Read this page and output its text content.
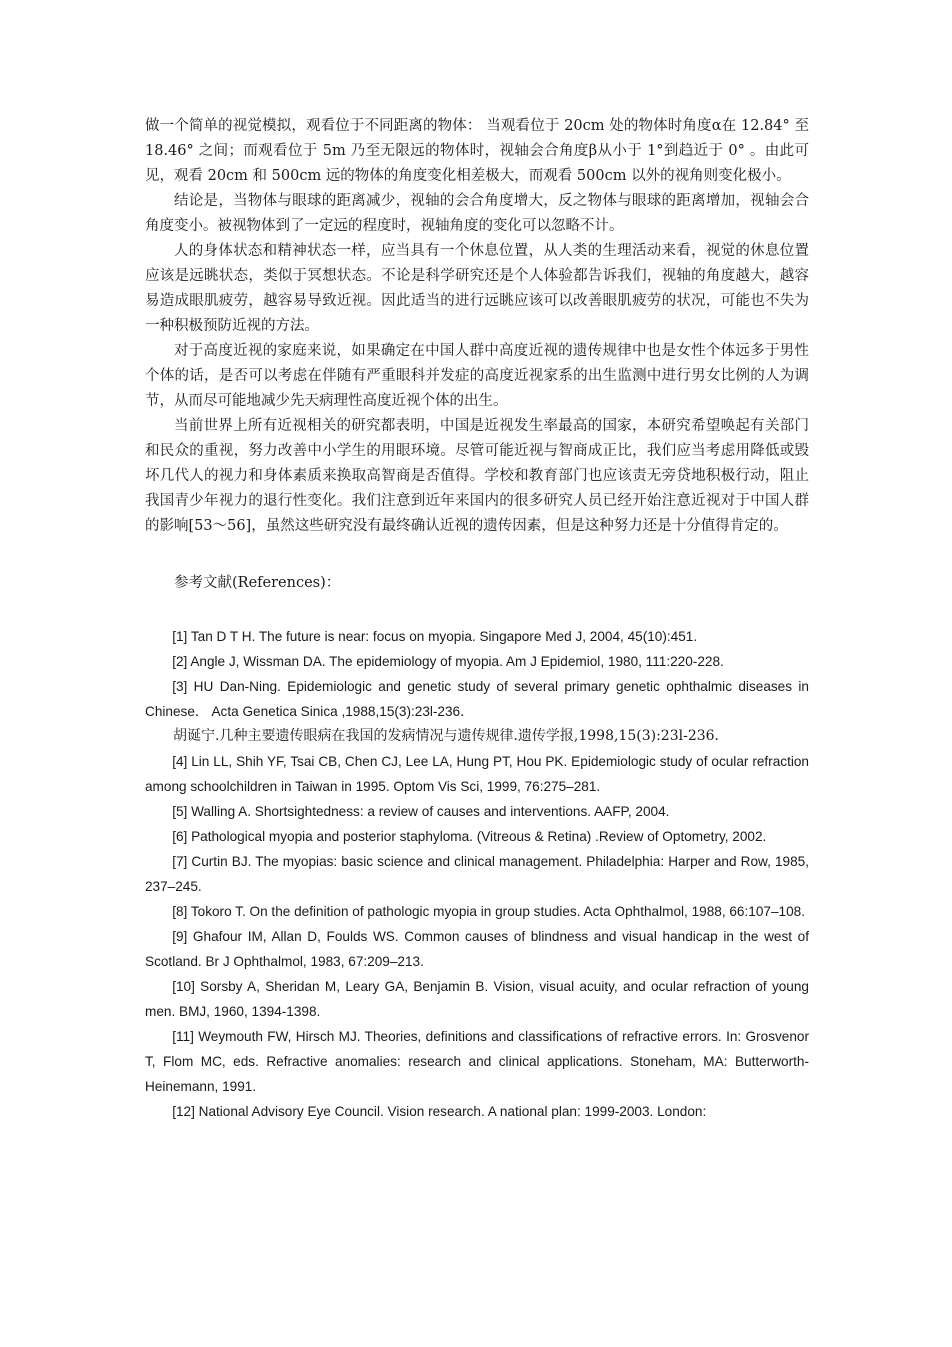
做一个简单的视觉模拟，观看位于不同距离的物体： 当观看位于 20cm 处的物体时角度α在 12.84° 至 18.46° 之间；而观看位于 5m 乃至无限远的物体时，视轴会合角度β从小于 1°到趋近于 0° 。由此可见，观看 20cm 和 500cm 远的物体的角度变化相差极大，而观看 500cm 以外的视角则变化极小。

结论是，当物体与眼球的距离减少，视轴的会合角度增大，反之物体与眼球的距离增加，视轴会合角度变小。被视物体到了一定远的程度时，视轴角度的变化可以忽略不计。

人的身体状态和精神状态一样，应当具有一个休息位置，从人类的生理活动来看，视觉的休息位置应该是远眺状态，类似于冥想状态。不论是科学研究还是个人体验都告诉我们，视轴的角度越大，越容易造成眼肌疲劳，越容易导致近视。因此适当的进行远眺应该可以改善眼肌疲劳的状况，可能也不失为一种积极预防近视的方法。

对于高度近视的家庭来说，如果确定在中国人群中高度近视的遗传规律中也是女性个体远多于男性个体的话，是否可以考虑在伴随有严重眼科并发症的高度近视家系的出生监测中进行男女比例的人为调节，从而尽可能地减少先天病理性高度近视个体的出生。

当前世界上所有近视相关的研究都表明，中国是近视发生率最高的国家，本研究希望唤起有关部门和民众的重视，努力改善中小学生的用眼环境。尽管可能近视与智商成正比，我们应当考虑用降低或毁坏几代人的视力和身体素质来换取高智商是否值得。学校和教育部门也应该责无旁贷地积极行动，阻止我国青少年视力的退行性变化。我们注意到近年来国内的很多研究人员已经开始注意近视对于中国人群的影响[53～56]，虽然这些研究没有最终确认近视的遗传因素，但是这种努力还是十分值得肯定的。

参考文献(References)：

[1] Tan D T H. The future is near: focus on myopia. Singapore Med J, 2004, 45(10):451.

[2] Angle J, Wissman DA. The epidemiology of myopia. Am J Epidemiol, 1980, 111:220-228.

[3] HU Dan-Ning. Epidemiologic and genetic study of several primary genetic ophthalmic diseases in Chinese． Acta Genetica Sinica ,1988,15(3):23l-236．

胡诞宁.几种主要遗传眼病在我国的发病情况与遗传规律.遗传学报,1998,15(3):23l-236．

[4] Lin LL, Shih YF, Tsai CB, Chen CJ, Lee LA, Hung PT, Hou PK. Epidemiologic study of ocular refraction among schoolchildren in Taiwan in 1995. Optom Vis Sci, 1999, 76:275–281.

[5] Walling A. Shortsightedness: a review of causes and interventions. AAFP, 2004.

[6] Pathological myopia and posterior staphyloma. (Vitreous & Retina) .Review of Optometry, 2002.

[7] Curtin BJ. The myopias: basic science and clinical management. Philadelphia: Harper and Row, 1985, 237–245.

[8] Tokoro T. On the definition of pathologic myopia in group studies. Acta Ophthalmol, 1988, 66:107–108.

[9] Ghafour IM, Allan D, Foulds WS. Common causes of blindness and visual handicap in the west of Scotland. Br J Ophthalmol, 1983, 67:209–213.

[10] Sorsby A, Sheridan M, Leary GA, Benjamin B. Vision, visual acuity, and ocular refraction of young men. BMJ, 1960, 1394-1398.

[11] Weymouth FW, Hirsch MJ. Theories, definitions and classifications of refractive errors. In: Grosvenor T, Flom MC, eds. Refractive anomalies: research and clinical applications. Stoneham, MA: Butterworth-Heinemann, 1991.

[12] National Advisory Eye Council. Vision research. A national plan: 1999-2003. London:
